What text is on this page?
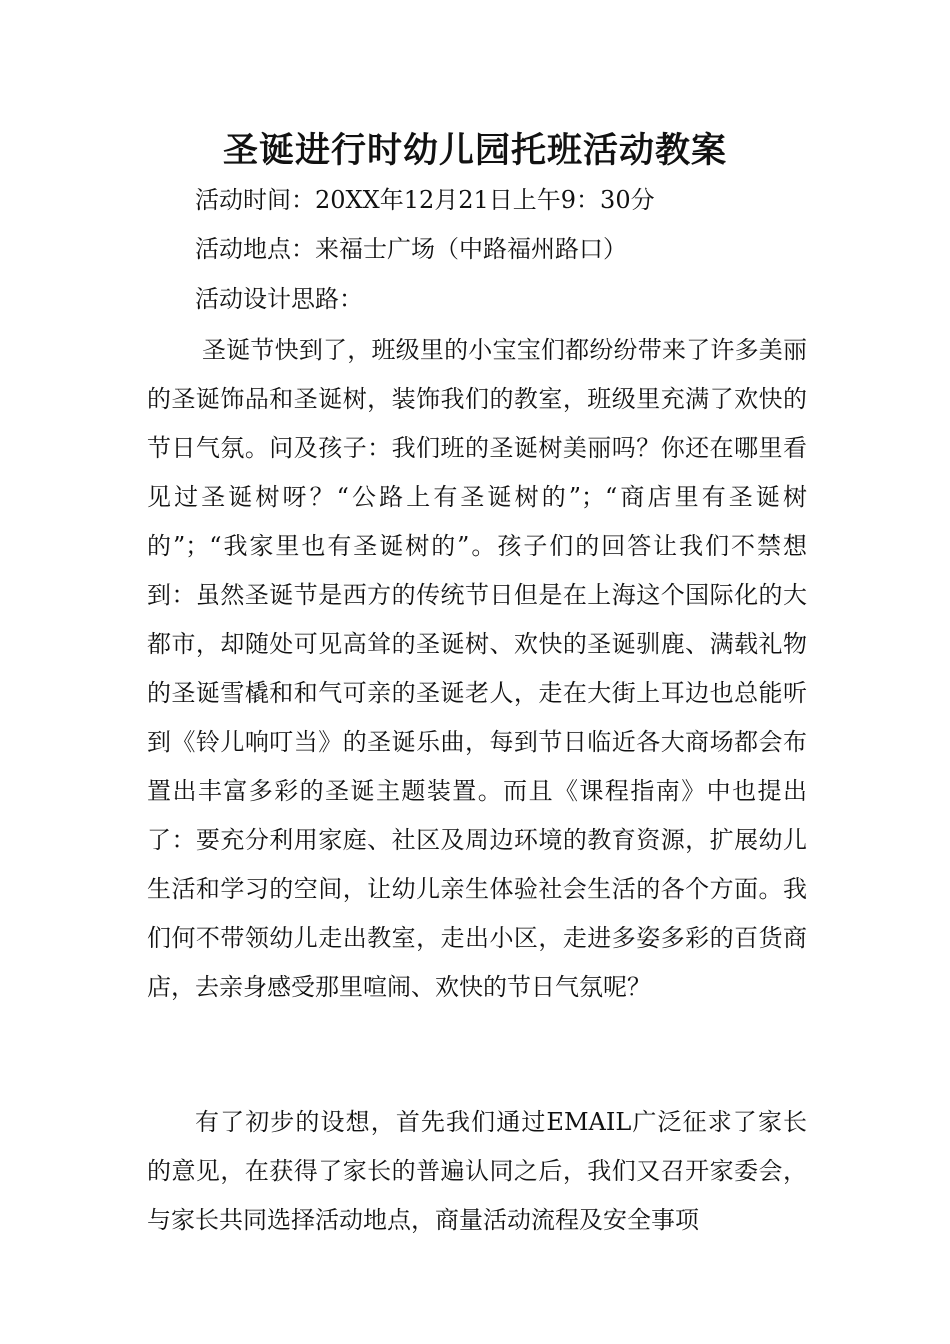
圣诞进行时幼儿园托班活动教案

活动时间：20XX年12月21日上午9：30分

活动地点：来福士广场（中路福州路口）

活动设计思路：

圣诞节快到了，班级里的小宝宝们都纷纷带来了许多美丽的圣诞饰品和圣诞树，装饰我们的教室，班级里充满了欢快的节日气氛。问及孩子：我们班的圣诞树美丽吗？你还在哪里看见过圣诞树呀？“公路上有圣诞树的”；“商店里有圣诞树的”；“我家里也有圣诞树的”。孩子们的回答让我们不禁想到：虽然圣诞节是西方的传统节日但是在上海这个国际化的大都市，却随处可见高耸的圣诞树、欢快的圣诞驯鹿、满载礼物的圣诞雪橇和和气可亲的圣诞老人，走在大街上耳边也总能听到《铃儿响叮当》的圣诞乐曲，每到节日临近各大商场都会布置出丰富多彩的圣诞主题装置。而且《课程指南》中也提出了：要充分利用家庭、社区及周边环境的教育资源，扩展幼儿生活和学习的空间，让幼儿亲生体验社会生活的各个方面。我们何不带领幼儿走出教室，走出小区，走进多姿多彩的百货商店，去亲身感受那里喧闹、欢快的节日气氛呢？

有了初步的设想，首先我们通过EMAIL广泛征求了家长的意见，在获得了家长的普遍认同之后，我们又召开家委会，与家长共同选择活动地点，商量活动流程及安全事项
